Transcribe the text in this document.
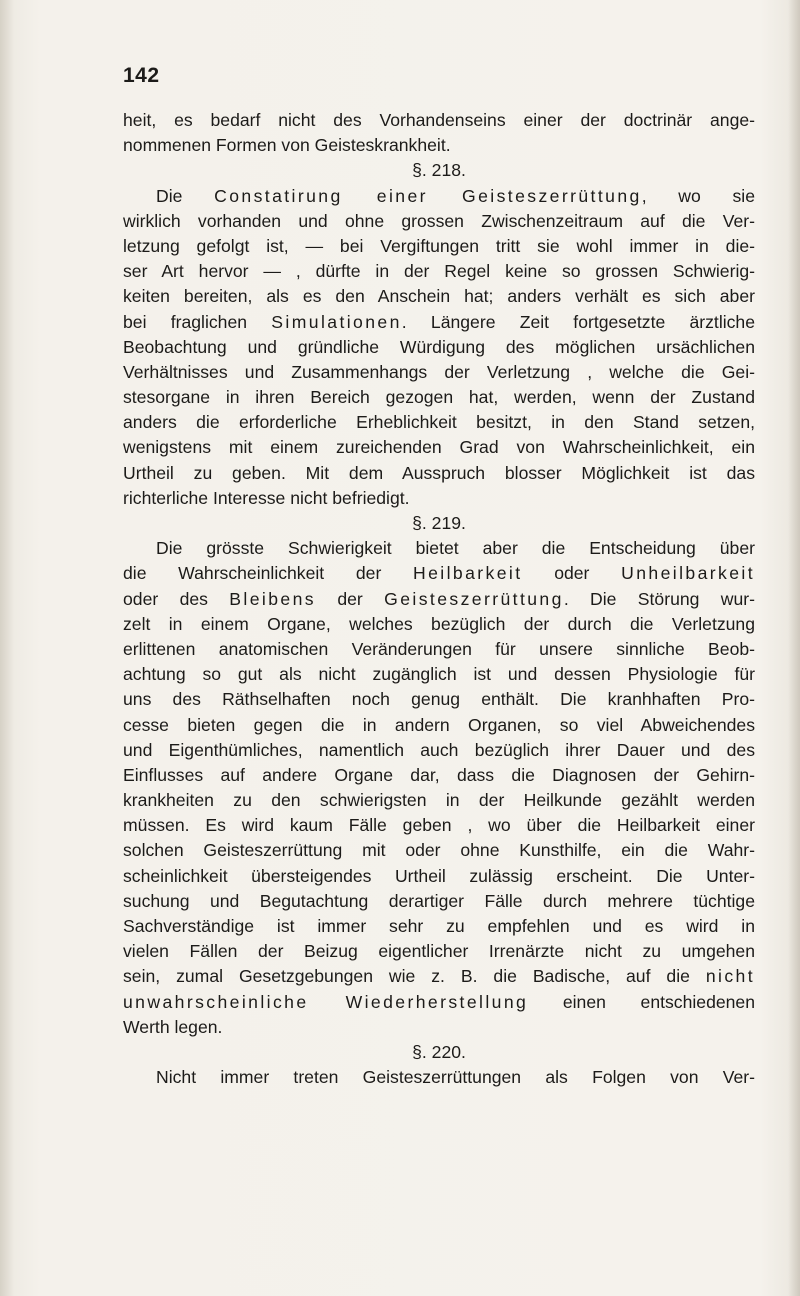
142
heit, es bedarf nicht des Vorhandenseins einer der doctrinär ange-
nommenen Formen von Geisteskrankheit.
§. 218.
Die Constatirung einer Geisteszerrüttung, wo sie
wirklich vorhanden und ohne grossen Zwischenzeitraum auf die Ver-
letzung gefolgt ist, — bei Vergiftungen tritt sie wohl immer in die-
ser Art hervor — , dürfte in der Regel keine so grossen Schwierig-
keiten bereiten, als es den Anschein hat; anders verhält es sich aber
bei fraglichen Simulationen. Längere Zeit fortgesetzte ärztliche
Beobachtung und gründliche Würdigung des möglichen ursächlichen
Verhältnisses und Zusammenhangs der Verletzung , welche die Gei-
stesorgane in ihren Bereich gezogen hat, werden, wenn der Zustand
anders die erforderliche Erheblichkeit besitzt, in den Stand setzen,
wenigstens mit einem zureichenden Grad von Wahrscheinlichkeit, ein
Urtheil zu geben. Mit dem Ausspruch blosser Möglichkeit ist das
richterliche Interesse nicht befriedigt.
§. 219.
Die grösste Schwierigkeit bietet aber die Entscheidung über
die Wahrscheinlichkeit der Heilbarkeit oder Unheilbarkeit
oder des Bleibens der Geisteszerrüttung. Die Störung wur-
zelt in einem Organe, welches bezüglich der durch die Verletzung
erlittenen anatomischen Veränderungen für unsere sinnliche Beob-
achtung so gut als nicht zugänglich ist und dessen Physiologie für
uns des Räthselhaften noch genug enthält. Die kranhhaften Pro-
cesse bieten gegen die in andern Organen, so viel Abweichendes
und Eigenthümliches, namentlich auch bezüglich ihrer Dauer und des
Einflusses auf andere Organe dar, dass die Diagnosen der Gehirn-
krankheiten zu den schwierigsten in der Heilkunde gezählt werden
müssen. Es wird kaum Fälle geben , wo über die Heilbarkeit einer
solchen Geisteszerrüttung mit oder ohne Kunsthilfe, ein die Wahr-
scheinlichkeit übersteigendes Urtheil zulässig erscheint. Die Unter-
suchung und Begutachtung derartiger Fälle durch mehrere tüchtige
Sachverständige ist immer sehr zu empfehlen und es wird in
vielen Fällen der Beizug eigentlicher Irrenärzte nicht zu umgehen
sein, zumal Gesetzgebungen wie z. B. die Badische, auf die nicht
unwahrscheinliche Wiederherstellung einen entschiedenen
Werth legen.
§. 220.
Nicht immer treten Geisteszerrüttungen als Folgen von Ver-
